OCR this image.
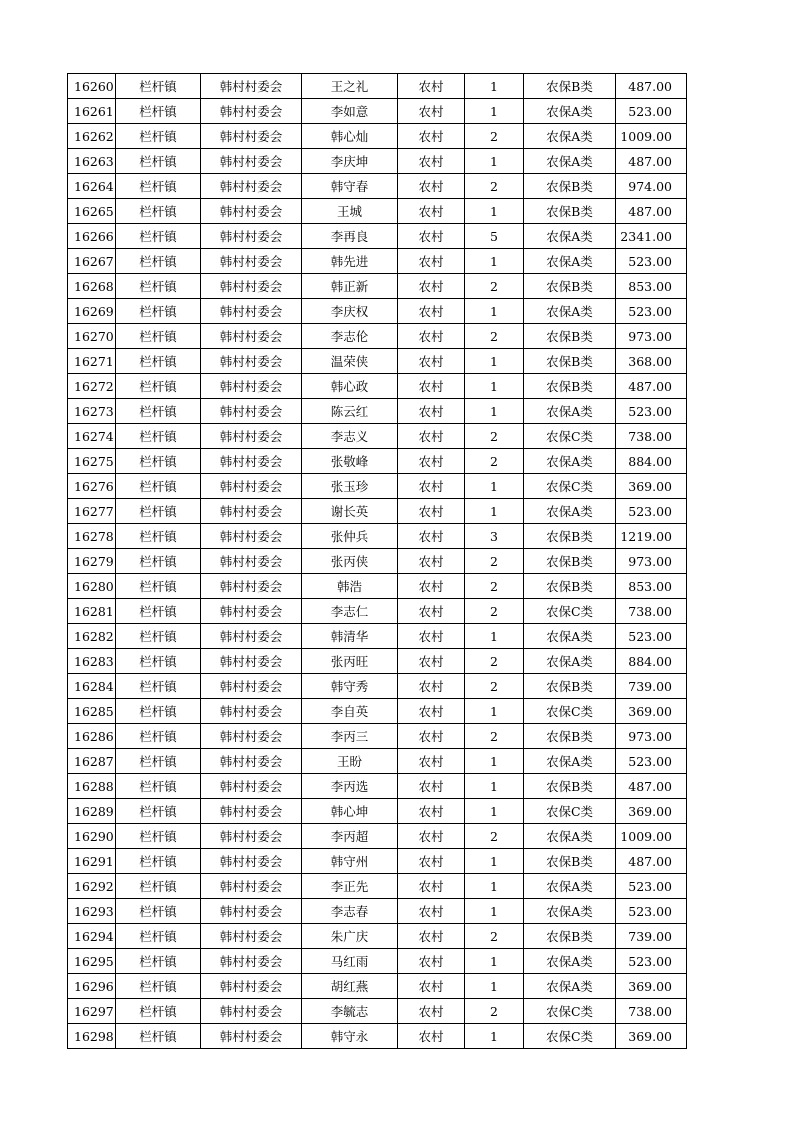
16260	栏杆镇	韩村村委会	王之礼	农村	1	农保B类	487.00
16261	栏杆镇	韩村村委会	李如意	农村	1	农保A类	523.00
16262	栏杆镇	韩村村委会	韩心灿	农村	2	农保A类	1009.00
16263	栏杆镇	韩村村委会	李庆坤	农村	1	农保A类	487.00
16264	栏杆镇	韩村村委会	韩守春	农村	2	农保B类	974.00
16265	栏杆镇	韩村村委会	王城	农村	1	农保B类	487.00
16266	栏杆镇	韩村村委会	李再良	农村	5	农保A类	2341.00
16267	栏杆镇	韩村村委会	韩先进	农村	1	农保A类	523.00
16268	栏杆镇	韩村村委会	韩正新	农村	2	农保B类	853.00
16269	栏杆镇	韩村村委会	李庆权	农村	1	农保A类	523.00
16270	栏杆镇	韩村村委会	李志伦	农村	2	农保B类	973.00
16271	栏杆镇	韩村村委会	温荣侠	农村	1	农保B类	368.00
16272	栏杆镇	韩村村委会	韩心政	农村	1	农保B类	487.00
16273	栏杆镇	韩村村委会	陈云红	农村	1	农保A类	523.00
16274	栏杆镇	韩村村委会	李志义	农村	2	农保C类	738.00
16275	栏杆镇	韩村村委会	张敬峰	农村	2	农保A类	884.00
16276	栏杆镇	韩村村委会	张玉珍	农村	1	农保C类	369.00
16277	栏杆镇	韩村村委会	谢长英	农村	1	农保A类	523.00
16278	栏杆镇	韩村村委会	张仲兵	农村	3	农保B类	1219.00
16279	栏杆镇	韩村村委会	张丙侠	农村	2	农保B类	973.00
16280	栏杆镇	韩村村委会	韩浩	农村	2	农保B类	853.00
16281	栏杆镇	韩村村委会	李志仁	农村	2	农保C类	738.00
16282	栏杆镇	韩村村委会	韩清华	农村	1	农保A类	523.00
16283	栏杆镇	韩村村委会	张丙旺	农村	2	农保A类	884.00
16284	栏杆镇	韩村村委会	韩守秀	农村	2	农保B类	739.00
16285	栏杆镇	韩村村委会	李自英	农村	1	农保C类	369.00
16286	栏杆镇	韩村村委会	李丙三	农村	2	农保B类	973.00
16287	栏杆镇	韩村村委会	王盼	农村	1	农保A类	523.00
16288	栏杆镇	韩村村委会	李丙选	农村	1	农保B类	487.00
16289	栏杆镇	韩村村委会	韩心坤	农村	1	农保C类	369.00
16290	栏杆镇	韩村村委会	李丙超	农村	2	农保A类	1009.00
16291	栏杆镇	韩村村委会	韩守州	农村	1	农保B类	487.00
16292	栏杆镇	韩村村委会	李正先	农村	1	农保A类	523.00
16293	栏杆镇	韩村村委会	李志春	农村	1	农保A类	523.00
16294	栏杆镇	韩村村委会	朱广庆	农村	2	农保B类	739.00
16295	栏杆镇	韩村村委会	马红雨	农村	1	农保A类	523.00
16296	栏杆镇	韩村村委会	胡红燕	农村	1	农保A类	369.00
16297	栏杆镇	韩村村委会	李毓志	农村	2	农保C类	738.00
16298	栏杆镇	韩村村委会	韩守永	农村	1	农保C类	369.00
